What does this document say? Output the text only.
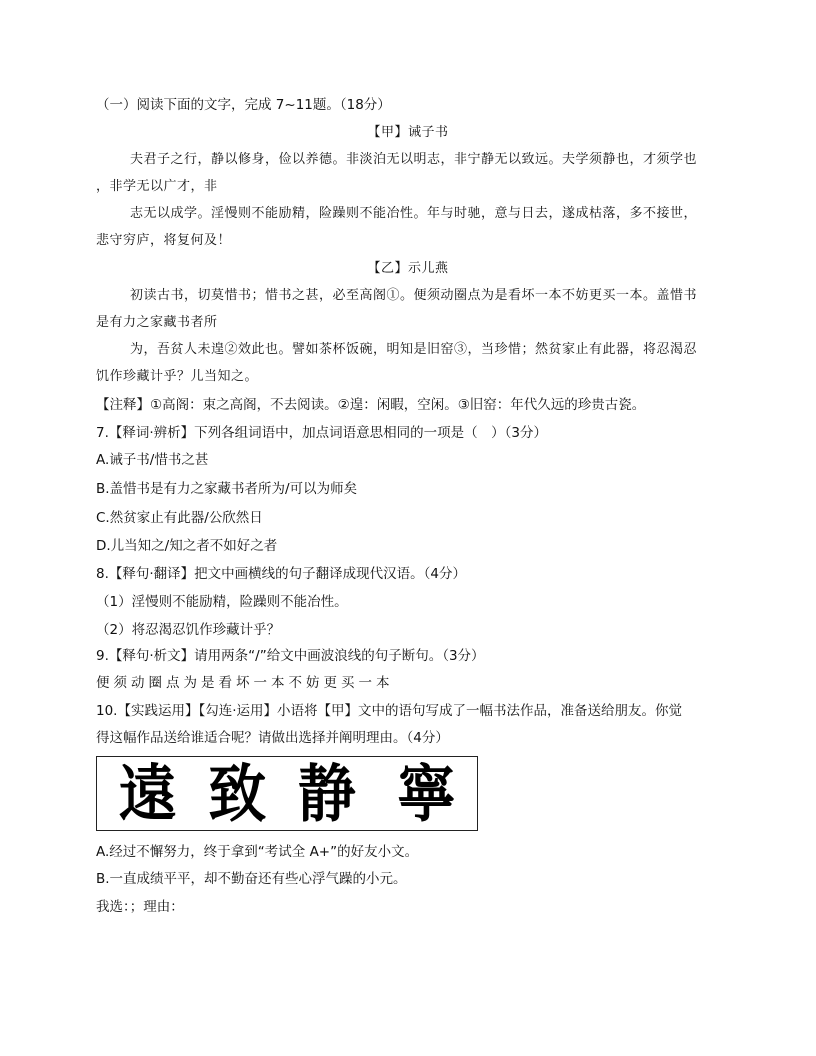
（一）阅读下面的文字，完成 7~11题。（18分）
【甲】诫子书
夫君子之行，静以修身，俭以养德。非淡泊无以明志，非宁静无以致远。夫学须静也，才须学也
，非学无以广才，非
志无以成学。淫慢则不能励精，险躁则不能冶性。年与时驰，意与日去，遂成枯落，多不接世，
悲守穷庐，将复何及！
【乙】示儿燕
初读古书，切莫惜书；惜书之甚，必至高阁①。便须动圈点为是看坏一本不妨更买一本。盖惜书
是有力之家藏书者所
为，吾贫人未遑②效此也。譬如茶杯饭碗，明知是旧窑③，当珍惜；然贫家止有此器，将忍渴忍
饥作珍藏计乎？儿当知之。
【注释】①高阁：束之高阁，不去阅读。②遑：闲暇，空闲。③旧窑：年代久远的珍贵古瓷。
7.【释词·辨析】下列各组词语中，加点词语意思相同的一项是（　）（3分）
A.诫子书/惜书之甚
B.盖惜书是有力之家藏书者所为/可以为师矣
C.然贫家止有此器/公欣然日
D.儿当知之/知之者不如好之者
8.【释句·翻译】把文中画横线的句子翻译成现代汉语。（4分）
（1）淫慢则不能励精，险躁则不能冶性。
（2）将忍渴忍饥作珍藏计乎？
9.【释句·析文】请用两条“/”给文中画波浪线的句子断句。（3分）
便须动圈点为是看坏一本不妨更买一本
10.【实践运用】【勾连·运用】小语将【甲】文中的语句写成了一幅书法作品，准备送给朋友。你觉
得这幅作品送给谁适合呢？请做出选择并阐明理由。（4分）
遠 致 静 寧
A.经过不懈努力，终于拿到“考试全 A+”的好友小文。
B.一直成绩平平，却不勤奋还有些心浮气躁的小元。
我选：；理由：
